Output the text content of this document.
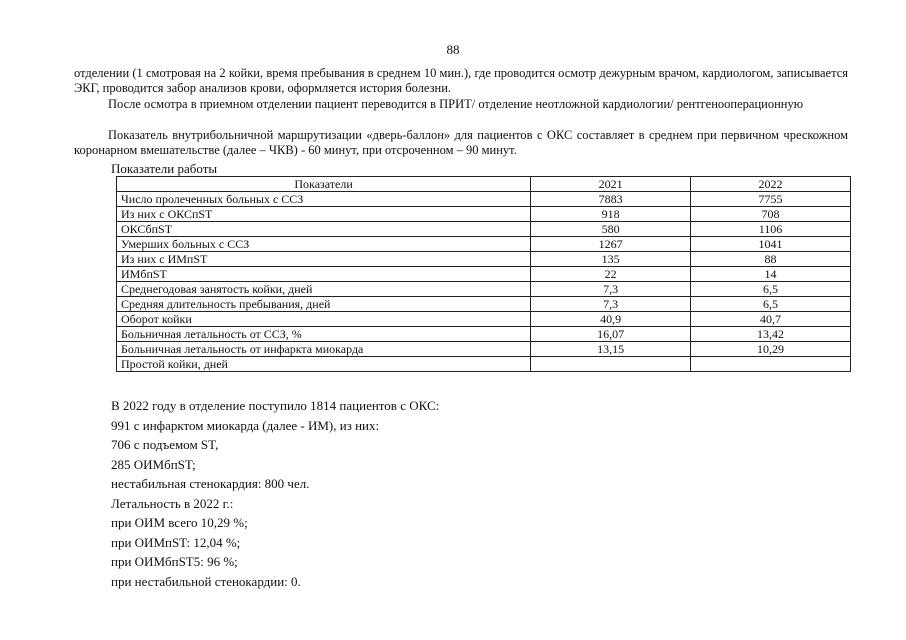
88

отделении (1 смотровая на 2 койки, время пребывания в среднем 10 мин.), где проводится осмотр дежурным врачом, кардиологом, записывается ЭКГ, проводится забор анализов крови, оформляется история болезни.

После осмотра в приемном отделении пациент переводится в ПРИТ/ отделение неотложной кардиологии/ рентгенооперационную

Показатель внутрибольничной маршрутизации «дверь-баллон» для пациентов с ОКС составляет в среднем при первичном чрескожном коронарном вмешательстве (далее – ЧКВ) - 60 минут, при отсроченном – 90 минут.

Показатели работы

Показатели	2021	2022
Число пролеченных больных с ССЗ	7883	7755
Из них с ОКСпST	918	708
ОКСбпST	580	1106
Умерших больных с ССЗ	1267	1041
Из них с ИМпST	135	88
ИМбпST	22	14
Среднегодовая занятость койки, дней	7,3	6,5
Средняя длительность пребывания, дней	7,3	6,5
Оборот койки	40,9	40,7
Больничная летальность от ССЗ, %	16,07	13,42
Больничная летальность от инфаркта миокарда	13,15	10,29
Простой койки, дней		
В 2022 году в отделение поступило 1814 пациентов с ОКС:
991 с инфарктом миокарда (далее - ИМ), из них:
706 с подъемом ST,
285 ОИМбпST;
нестабильная стенокардия: 800 чел.
Летальность в 2022 г.:
при ОИМ всего 10,29 %;
при ОИМпST: 12,04 %;
при ОИМбпST5: 96 %;
при нестабильной стенокардии: 0.
